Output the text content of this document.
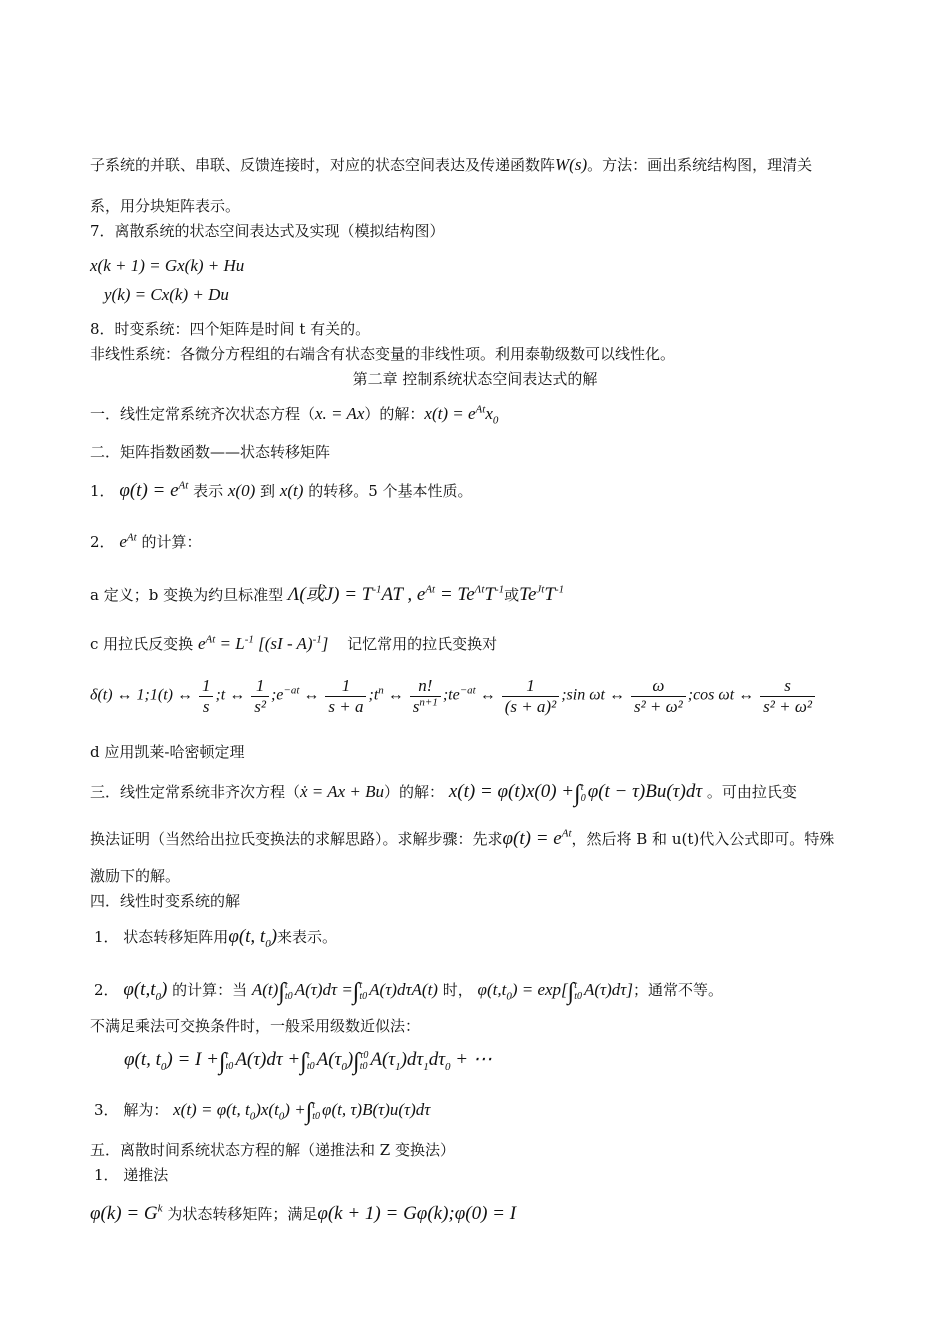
子系统的并联、串联、反馈连接时，对应的状态空间表达及传递函数阵W(s)。方法：画出系统结构图，理清关
系，用分块矩阵表示。
7．离散系统的状态空间表达式及实现（模拟结构图）
x(k + 1) = Gx(k) + Hu
y(k) = Cx(k) + Du
8．时变系统：四个矩阵是时间 t 有关的。
非线性系统：各微分方程组的右端含有状态变量的非线性项。利用泰勒级数可以线性化。
第二章 控制系统状态空间表达式的解
一．线性定常系统齐次状态方程（x. = Ax）的解：$x(t) = e^{At}x_0$
二．矩阵指数函数——状态转移矩阵
1． $\varphi(t) = e^{At}$ 表示 x(0) 到 x(t) 的转移。5 个基本性质。
2． $e^{At}$ 的计算：
a 定义；b 变换为约旦标准型 Λ(或$J) = T^{-1}AT$ , $e^{At} = Te^{\Lambda t}T^{-1}$或$Te^{Jt}T^{-1}$
c 用拉氏反变换 $e^{At} = L^{-1}$ [(sI - A)$^{-1}$] 记忆常用的拉氏变换对
δ(t) ↔ 1;1(t) ↔ $\frac{1}{s}$ ;t ↔ $\frac{1}{\text{s²}}$ $;e^{-at}$ ↔ $\frac{1}{s + a}$ $;t^n$ ↔ $\frac{n!}{s^{n+1}}$ $;te^{-at}$ ↔ $\frac{1}{\text{(s + a)²}}$ ;sin ωt ↔ $\frac{\omega}{\text{s² + ω²}}$ ;cos ωt ↔ $\frac{s}{\text{s² + ω²}}$
d 应用凯莱-哈密顿定理
三．线性定常系统非齐次方程（ẋ = Ax + Bu）的解： x(t) = φ(t)x(0) +∫ t
0 φ(t − τ)Bu(τ)dτ 。可由拉氏变
换法证明（当然给出拉氏变换法的求解思路）。求解步骤：先求$\varphi(t) = e^{At}$，然后将 B 和 u(t)代入公式即可。特殊
激励下的解。
四．线性时变系统的解
1． 状态转移矩阵用φ(t, $t_0$)来表示。
2． $\varphi(t,t_0)$ 的计算：当 A(t)∫ t
t0 A(τ)dτ =∫ t
t0 A(τ)dτA(t) 时， $\varphi(t,t_0) = \exp[\int$ t
t0 A(τ)dτ]；通常不等。
不满足乘法可交换条件时，一般采用级数近似法：
φ(t, $t_0) = I$ +∫ t
t0 A(τ)dτ +∫ t
t0 $A(\tau_0)\int$ τ0
t0 $A(\tau_1)d\tau_1d\tau_0$ + ⋯
3． 解为： x(t) = φ(t, $t_0)x(t_0)$ +∫ t
t0 φ(t, τ)B(τ)u(τ)dτ
五．离散时间系统状态方程的解（递推法和 Z 变换法）
1． 递推法
$\varphi(k) = G^k$ 为状态转移矩阵；满足φ(k + 1) = Gφ(k);φ(0) = I
